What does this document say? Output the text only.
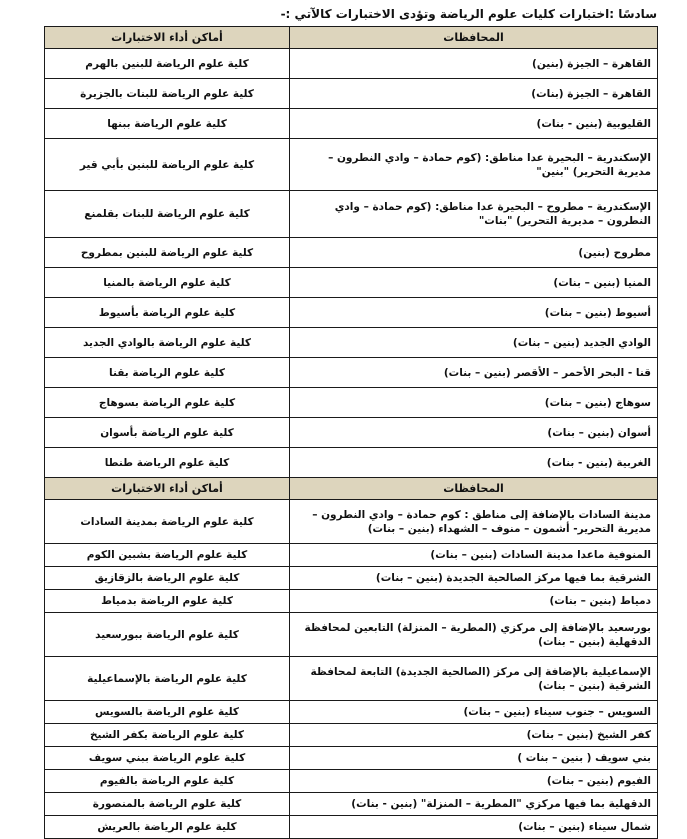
سادسًا :اختبارات كليات علوم الرياضة وتؤدى الاختبارات كالآتي :-
المحافظات	أماكن أداء الاختبارات
القاهرة – الجيزة (بنين)	كلية علوم الرياضة للبنين بالهرم
القاهرة – الجيزة (بنات)	كلية علوم الرياضة للبنات بالجزيرة
القليوبية (بنين - بنات)	كلية علوم الرياضة ببنها
الإسكندرية – البحيرة عدا مناطق: (كوم حمادة – وادي النطرون – مديرية التحرير) "بنين"	كلية علوم الرياضة للبنين بأبي قير
الإسكندرية – مطروح – البحيرة عدا مناطق: (كوم حمادة – وادي النطرون – مديرية التحرير) "بنات"	كلية علوم الرياضة للبنات بقلمنع
مطروح (بنين)	كلية علوم الرياضة للبنين بمطروح
المنيا (بنين – بنات)	كلية علوم الرياضة بالمنيا
أسيوط (بنين – بنات)	كلية علوم الرياضة بأسيوط
الوادي الجديد (بنين – بنات)	كلية علوم الرياضة بالوادي الجديد
قنا - البحر الأحمر – الأقصر (بنين – بنات)	كلية علوم الرياضة بقنا
سوهاج (بنين – بنات)	كلية علوم الرياضة بسوهاج
أسوان (بنين – بنات)	كلية علوم الرياضة بأسوان
الغربية (بنين - بنات)	كلية علوم الرياضة طنطا
المحافظات	أماكن أداء الاختبارات
مدينة السادات بالإضافة إلى مناطق : كوم حمادة – وادي النطرون – مديرية التحرير- أشمون – منوف – الشهداء (بنين – بنات)	كلية علوم الرياضة بمدينة السادات
المنوفية ماعدا مدينة السادات (بنين – بنات)	كلية علوم الرياضة بشبين الكوم
الشرقية بما فيها مركز الصالحية الجديدة (بنين – بنات)	كلية علوم الرياضة بالزقازيق
دمياط (بنين – بنات)	كلية علوم الرياضة بدمياط
بورسعيد بالإضافة إلى مركزي (المطرية – المنزلة) التابعين لمحافظة الدقهلية (بنين – بنات)	كلية علوم الرياضة ببورسعيد
الإسماعيلية بالإضافة إلى مركز (الصالحية الجديدة) التابعة لمحافظة الشرقية (بنين – بنات)	كلية علوم الرياضة بالإسماعيلية
السويس – جنوب سيناء (بنين – بنات)	كلية علوم الرياضة بالسويس
كفر الشيخ (بنين – بنات)	كلية علوم الرياضة بكفر الشيخ
بني سويف ( بنين – بنات )	كلية علوم الرياضة ببني سويف
الفيوم (بنين – بنات)	كلية علوم الرياضة بالفيوم
الدقهلية بما فيها مركزي "المطرية – المنزلة" (بنين - بنات)	كلية علوم الرياضة بالمنصورة
شمال سيناء (بنين – بنات)	كلية علوم الرياضة بالعريش
